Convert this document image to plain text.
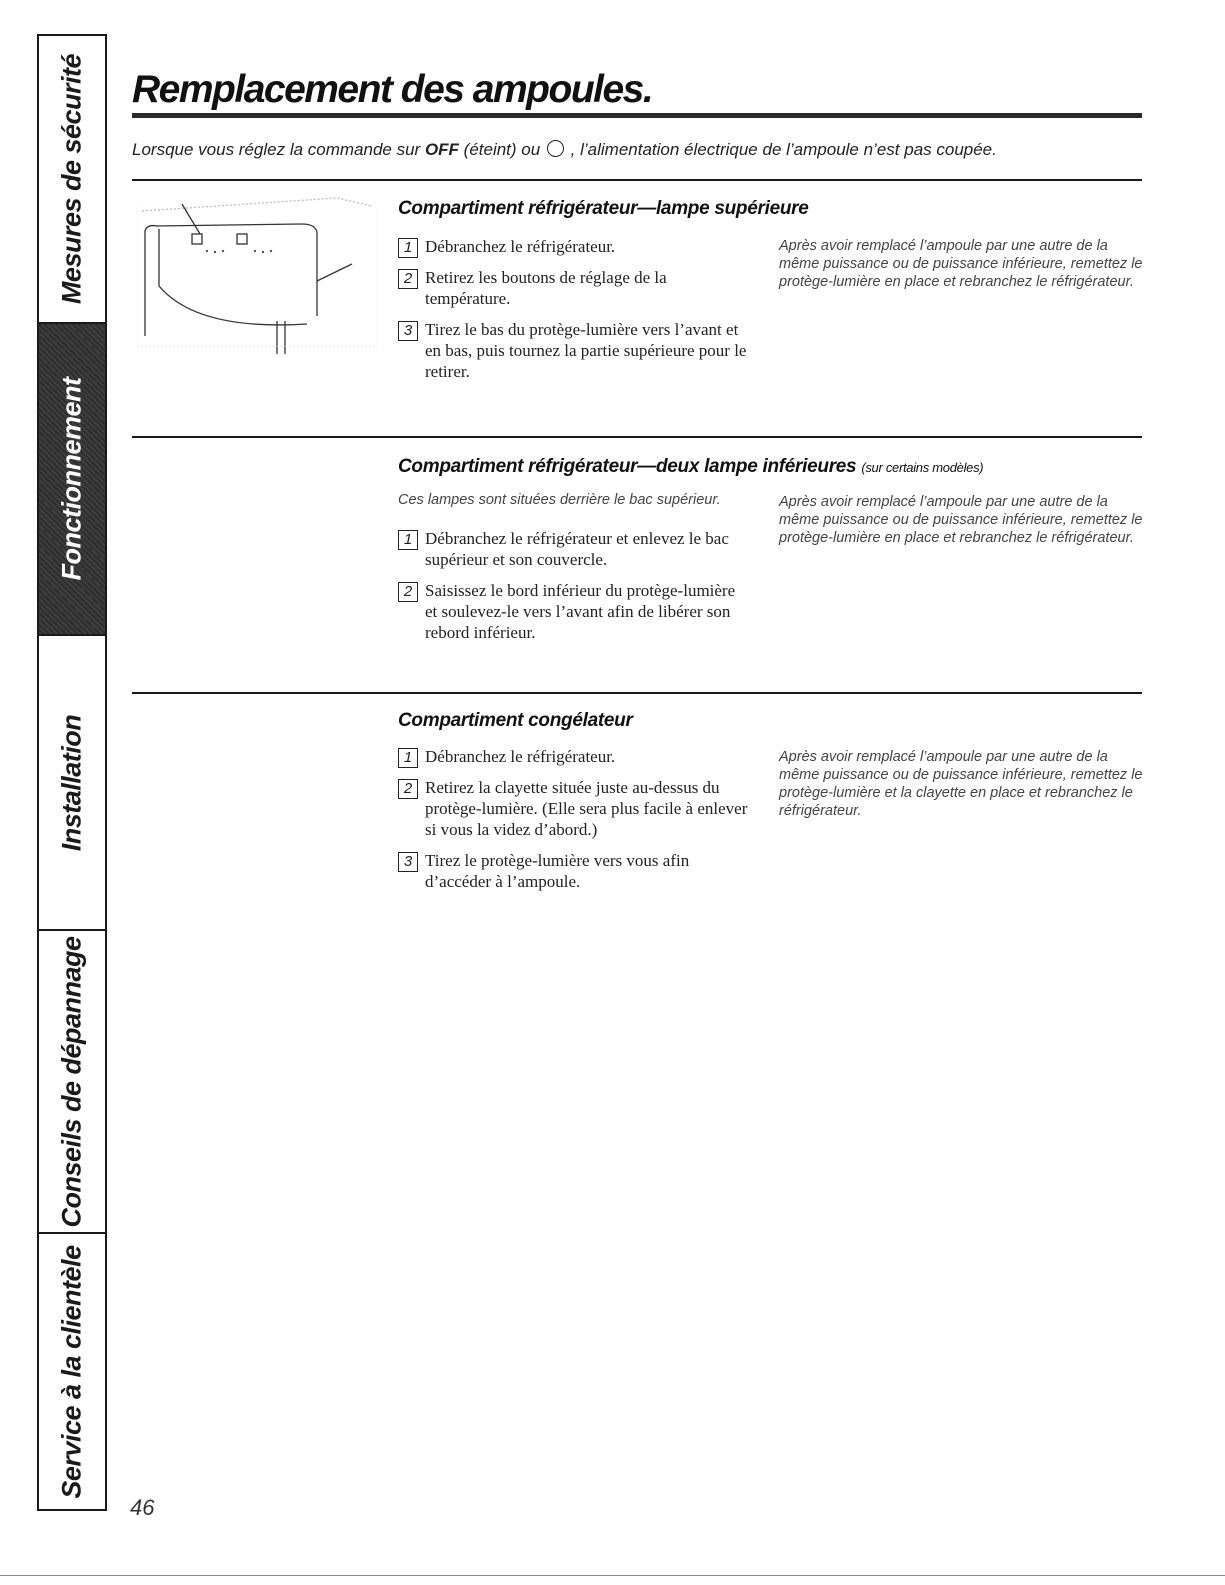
Mesures de sécurité
Fonctionnement
Installation
Conseils de dépannage
Service à la clientèle
Remplacement des ampoules.
Lorsque vous réglez la commande sur OFF (éteint) ou  , l’alimentation électrique de l’ampoule n’est pas coupée.
Compartiment réfrigérateur—lampe supérieure
1 Débranchez le réfrigérateur.
2 Retirez les boutons de réglage de la température.
3 Tirez le bas du protège-lumière vers l’avant et en bas, puis tournez la partie supérieure pour le retirer.

Après avoir remplacé l’ampoule par une autre de la même puissance ou de puissance inférieure, remettez le protège-lumière en place et rebranchez le réfrigérateur.

Compartiment réfrigérateur—deux lampe inférieures (sur certains modèles)

Ces lampes sont situées derrière le bac supérieur.

1 Débranchez le réfrigérateur et enlevez le bac supérieur et son couvercle.
2 Saisissez le bord inférieur du protège-lumière et soulevez-le vers l’avant afin de libérer son rebord inférieur.

Après avoir remplacé l’ampoule par une autre de la même puissance ou de puissance inférieure, remettez le protège-lumière en place et rebranchez le réfrigérateur.

Compartiment congélateur
1 Débranchez le réfrigérateur.
2 Retirez la clayette située juste au-dessus du protège-lumière. (Elle sera plus facile à enlever si vous la videz d’abord.)
3 Tirez le protège-lumière vers vous afin d’accéder à l’ampoule.

Après avoir remplacé l’ampoule par une autre de la même puissance ou de puissance inférieure, remettez le protège-lumière et la clayette en place et rebranchez le réfrigérateur.

46
